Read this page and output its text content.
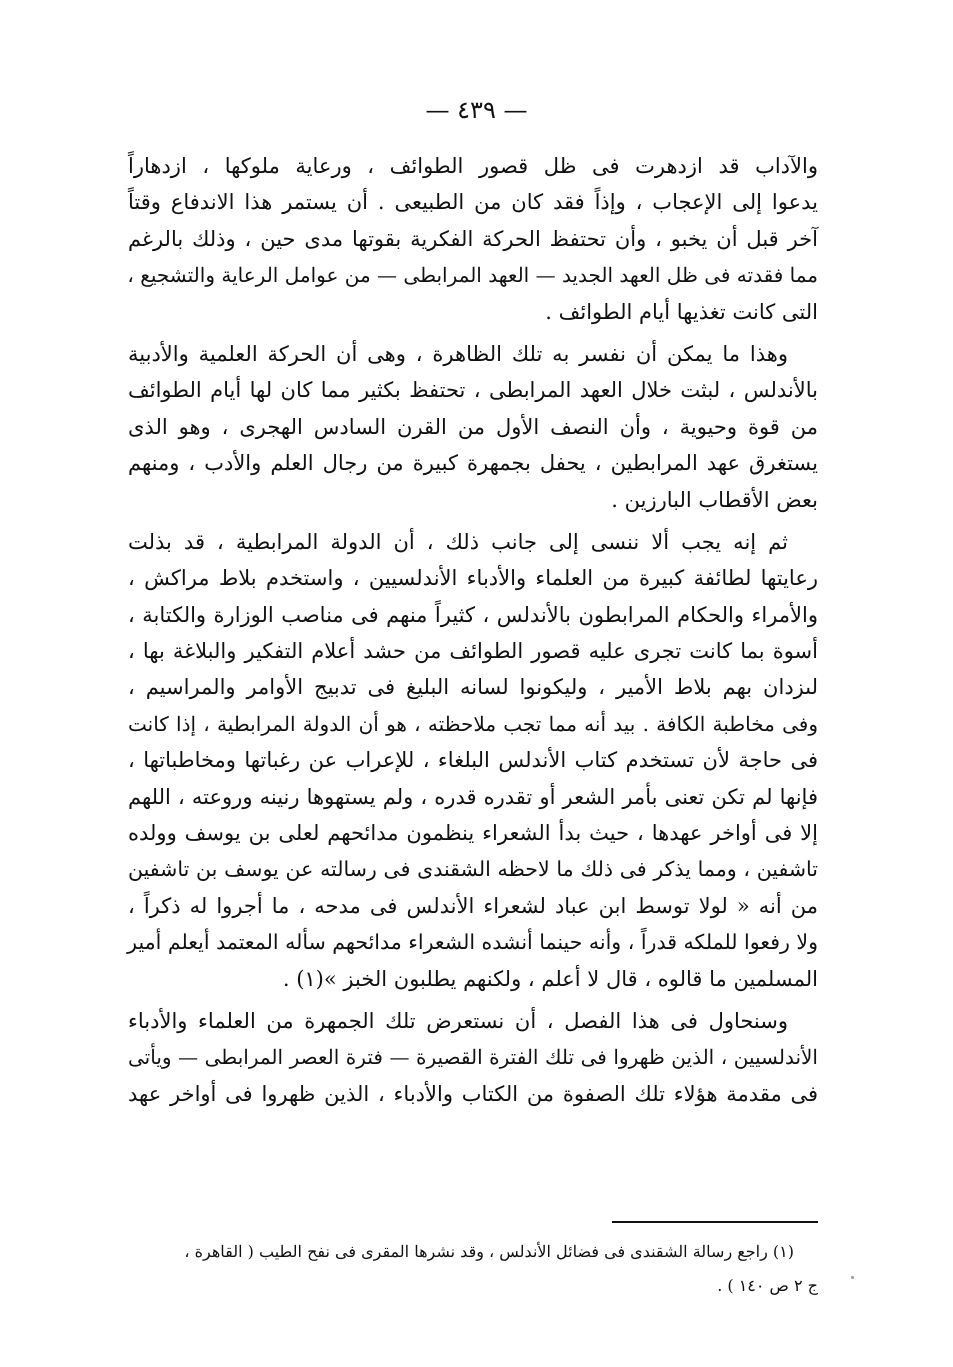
— ٤٣٩ —
والآداب قد ازدهرت فى ظل قصور الطوائف ، ورعاية ملوكها ، ازدهاراً
يدعوا إلى الإعجاب ، وإذاً فقد كان من الطبيعى . أن يستمر هذا الاندفاع وقتاً
آخر قبل أن يخبو ، وأن تحتفظ الحركة الفكرية بقوتها مدى حين ، وذلك بالرغم
مما فقدته فى ظل العهد الجديد — العهد المرابطى — من عوامل الرعاية والتشجيع ،
التى كانت تغذيها أيام الطوائف .
وهذا ما يمكن أن نفسر به تلك الظاهرة ، وهى أن الحركة العلمية والأدبية
بالأندلس ، لبثت خلال العهد المرابطى ، تحتفظ بكثير مما كان لها أيام الطوائف
من قوة وحيوية ، وأن النصف الأول من القرن السادس الهجرى ، وهو الذى
يستغرق عهد المرابطين ، يحفل بجمهرة كبيرة من رجال العلم والأدب ، ومنهم
بعض الأقطاب البارزين .
ثم إنه يجب ألا ننسى إلى جانب ذلك ، أن الدولة المرابطية ، قد بذلت
رعايتها لطائفة كبيرة من العلماء والأدباء الأندلسيين ، واستخدم بلاط مراكش ،
والأمراء والحكام المرابطون بالأندلس ، كثيراً منهم فى مناصب الوزارة والكتابة ،
أسوة بما كانت تجرى عليه قصور الطوائف من حشد أعلام التفكير والبلاغة بها ،
لىزدان بهم بلاط الأمير ، وليكونوا لسانه البليغ فى تدبيج الأوامر والمراسيم ،
وفى مخاطبة الكافة . بيد أنه مما تجب ملاحظته ، هو أن الدولة المرابطية ، إذا كانت
فى حاجة لأن تستخدم كتاب الأندلس البلغاء ، للإعراب عن رغباتها ومخاطباتها ،
فإنها لم تكن تعنى بأمر الشعر أو تقدره قدره ، ولم يستهوها رنينه وروعته ، اللهم
إلا فى أواخر عهدها ، حيث بدأ الشعراء ينظمون مدائحهم لعلى بن يوسف وولده
تاشفين ، ومما يذكر فى ذلك ما لاحظه الشقندى فى رسالته عن يوسف بن تاشفين
من أنه « لولا توسط ابن عباد لشعراء الأندلس فى مدحه ، ما أجروا له ذكراً ،
ولا رفعوا للملكه قدراً ، وأنه حينما أنشده الشعراء مدائحهم سأله المعتمد أيعلم أمير
المسلمين ما قالوه ، قال لا أعلم ، ولكنهم يطلبون الخبز »(١) .
وسنحاول فى هذا الفصل ، أن نستعرض تلك الجمهرة من العلماء والأدباء
الأندلسيين ، الذين ظهروا فى تلك الفترة القصيرة — فترة العصر المرابطى — ويأتى
فى مقدمة هؤلاء تلك الصفوة من الكتاب والأدباء ، الذين ظهروا فى أواخر عهد
(١) راجع رسالة الشقندى فى فضائل الأندلس ، وقد نشرها المقرى فى نفح الطيب ( القاهرة ،
ج ٢ ص ١٤٠ ) .
